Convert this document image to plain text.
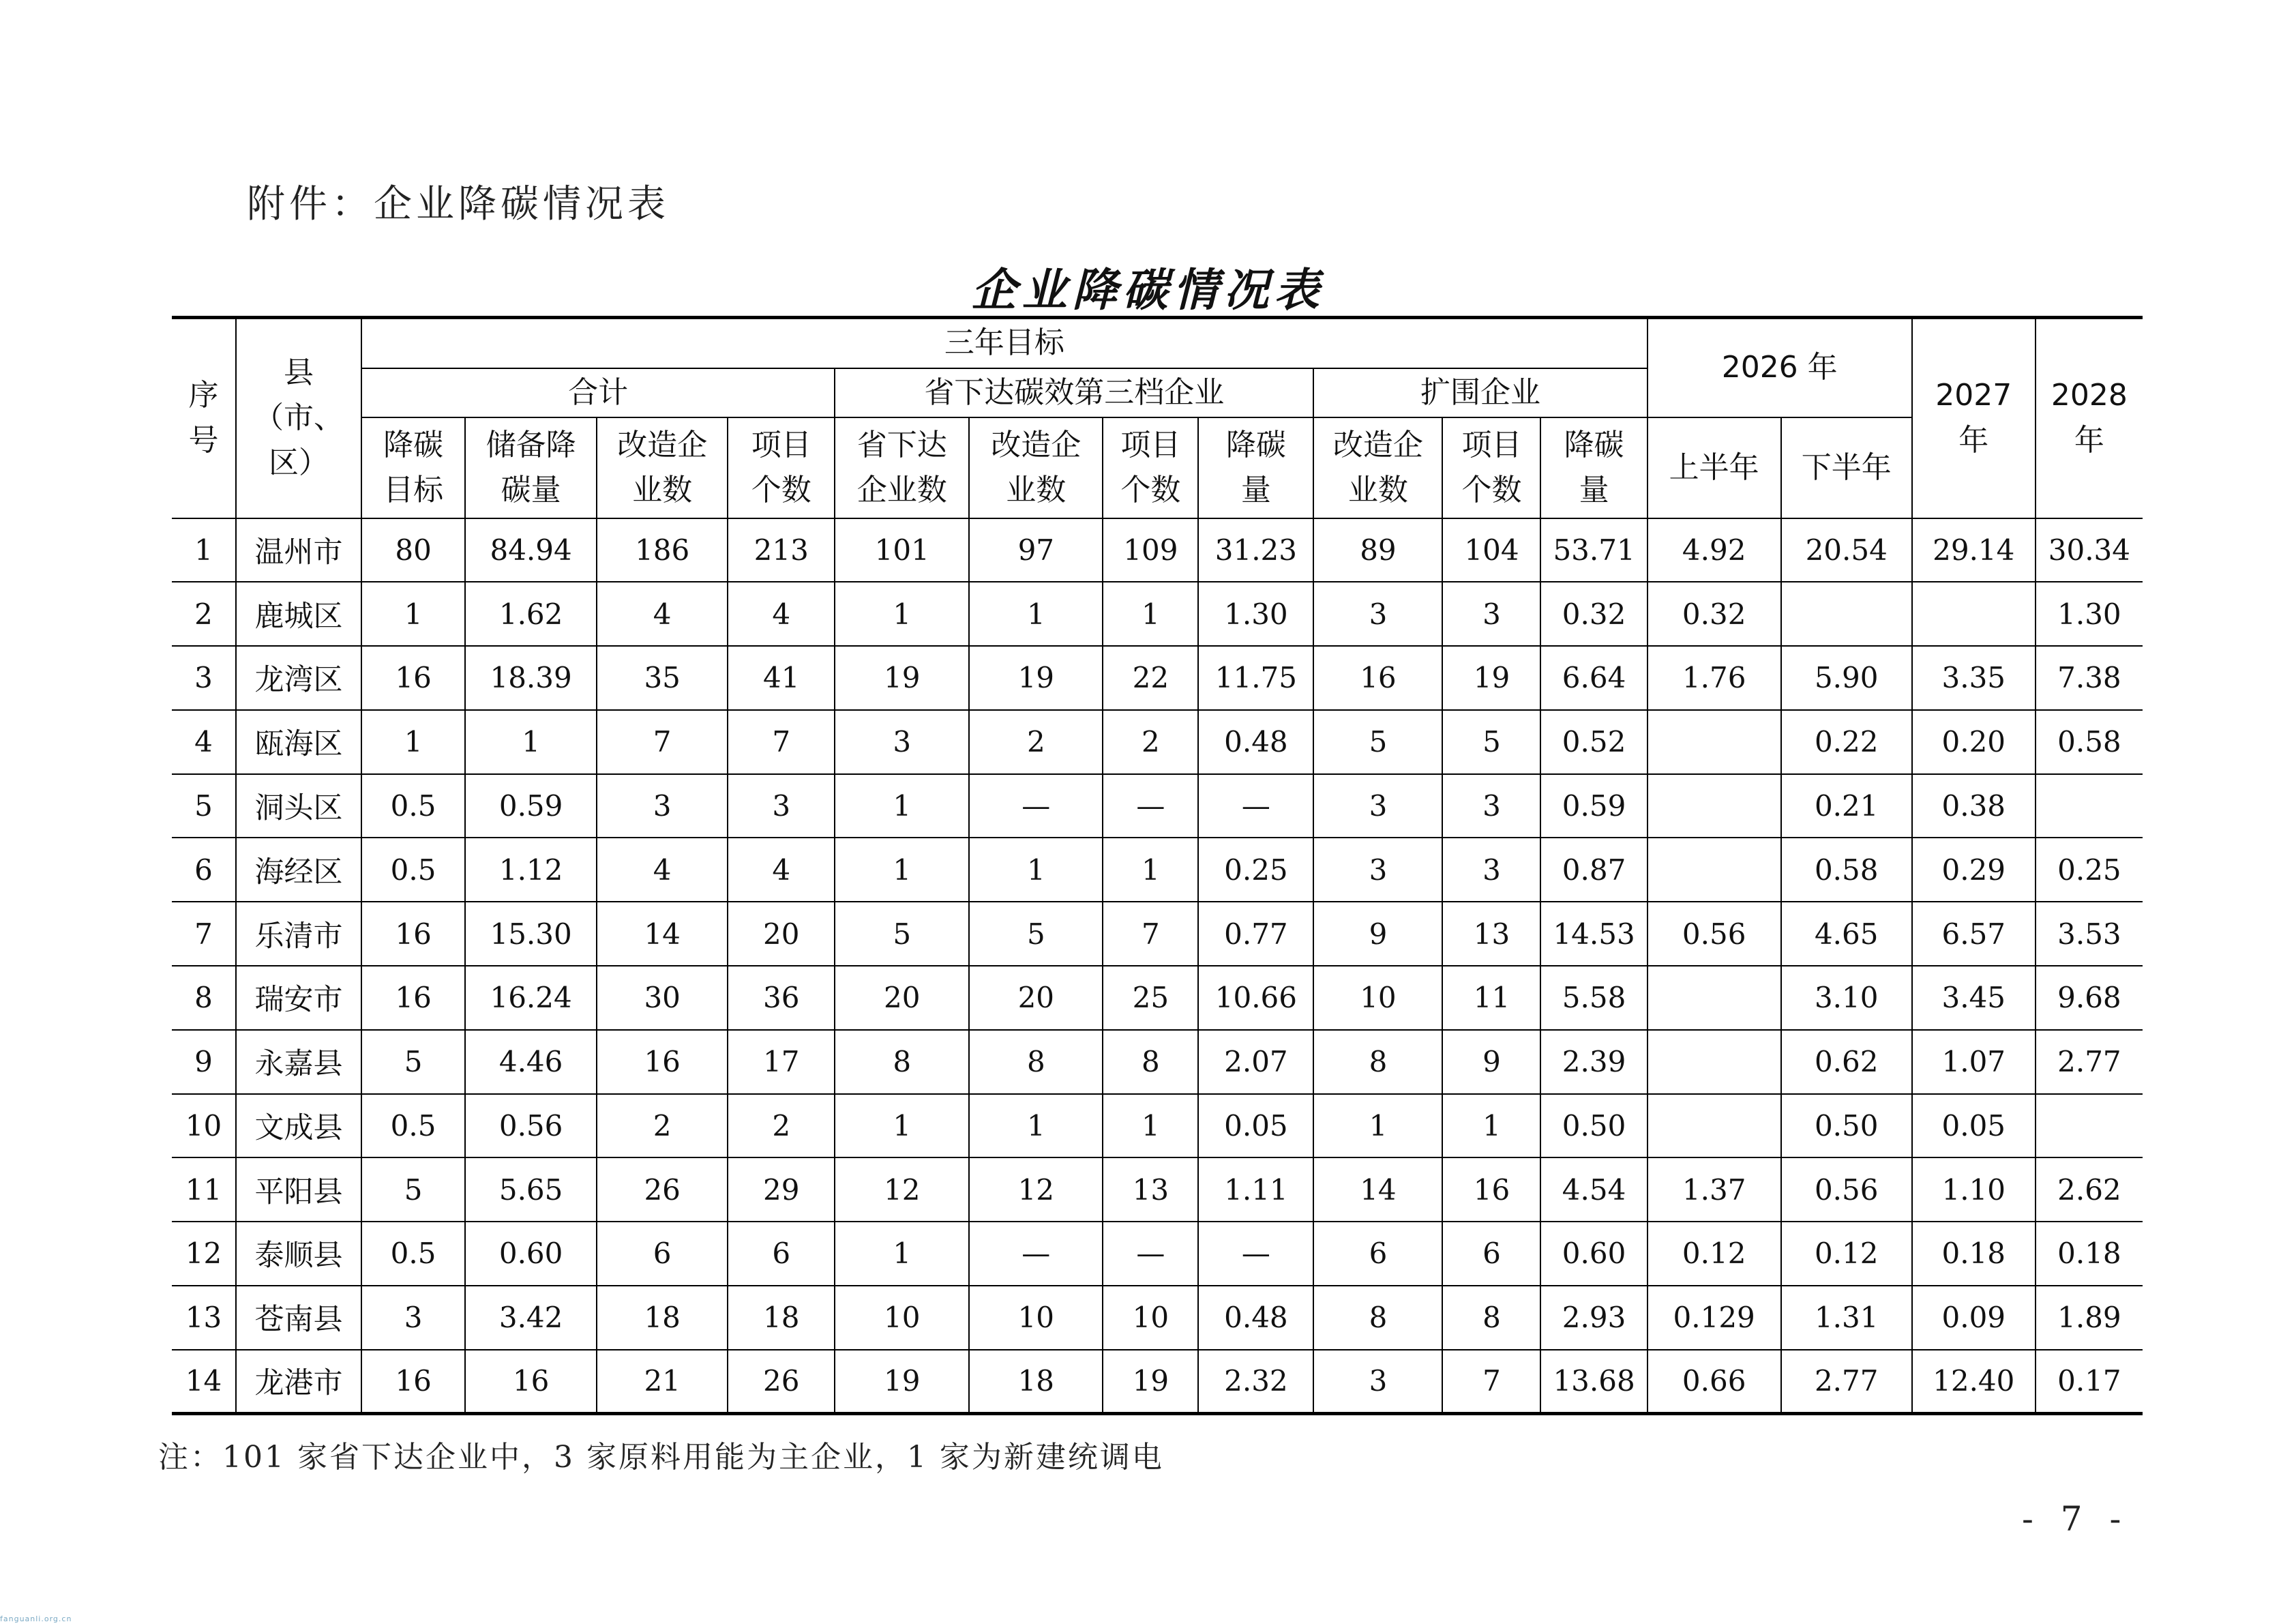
附件：企业降碳情况表
企业降碳情况表
序号	县（市、区）	三年目标											2026 年		2027年	2028年

		合计				省下达碳效第三档企业				扩围企业						

		降碳目标	储备降碳量	改造企业数	项目个数	省下达企业数	改造企业数	项目个数	降碳量	改造企业数	项目个数	降碳量	上半年	下半年		
1	温州市	80	84.94	186	213	101	97	109	31.23	89	104	53.71	4.92	20.54	29.14	30.34
2	鹿城区	1	1.62	4	4	1	1	1	1.30	3	3	0.32	0.32			1.30
3	龙湾区	16	18.39	35	41	19	19	22	11.75	16	19	6.64	1.76	5.90	3.35	7.38
4	瓯海区	1	1	7	7	3	2	2	0.48	5	5	0.52		0.22	0.20	0.58
5	洞头区	0.5	0.59	3	3	1	—	—	—	3	3	0.59		0.21	0.38	
6	海经区	0.5	1.12	4	4	1	1	1	0.25	3	3	0.87		0.58	0.29	0.25
7	乐清市	16	15.30	14	20	5	5	7	0.77	9	13	14.53	0.56	4.65	6.57	3.53
8	瑞安市	16	16.24	30	36	20	20	25	10.66	10	11	5.58		3.10	3.45	9.68
9	永嘉县	5	4.46	16	17	8	8	8	2.07	8	9	2.39		0.62	1.07	2.77
10	文成县	0.5	0.56	2	2	1	1	1	0.05	1	1	0.50		0.50	0.05	
11	平阳县	5	5.65	26	29	12	12	13	1.11	14	16	4.54	1.37	0.56	1.10	2.62
12	泰顺县	0.5	0.60	6	6	1	—	—	—	6	6	0.60	0.12	0.12	0.18	0.18
13	苍南县	3	3.42	18	18	10	10	10	0.48	8	8	2.93	0.129	1.31	0.09	1.89
14	龙港市	16	16	21	26	19	18	19	2.32	3	7	13.68	0.66	2.77	12.40	0.17
注：101 家省下达企业中，3 家原料用能为主企业，1 家为新建统调电
- 7 -
fanguanli.org.cn
